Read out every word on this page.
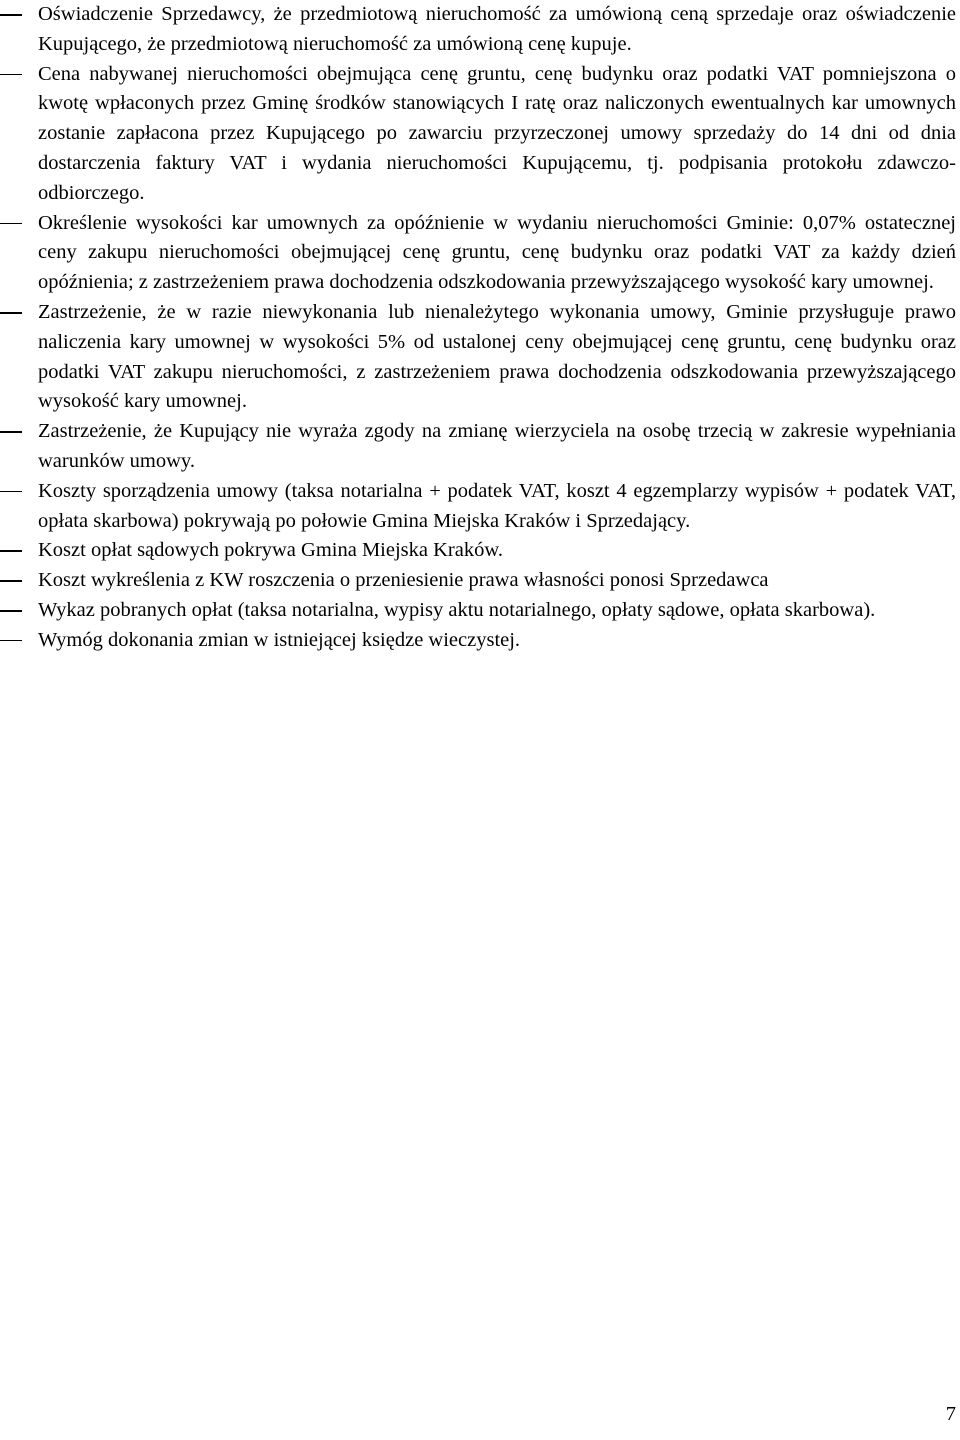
Oświadczenie Sprzedawcy, że przedmiotową nieruchomość za umówioną ceną sprzedaje oraz oświadczenie Kupującego, że przedmiotową nieruchomość za umówioną cenę kupuje.
Cena nabywanej nieruchomości obejmująca cenę gruntu, cenę budynku oraz podatki VAT pomniejszona o kwotę wpłaconych przez Gminę środków stanowiących I ratę oraz naliczonych ewentualnych kar umownych zostanie zapłacona przez Kupującego po zawarciu przyrzeczonej umowy sprzedaży do 14 dni od dnia dostarczenia faktury VAT i wydania nieruchomości Kupującemu, tj. podpisania protokołu zdawczo-odbiorczego.
Określenie wysokości kar umownych za opóźnienie w wydaniu nieruchomości Gminie: 0,07% ostatecznej ceny zakupu nieruchomości obejmującej cenę gruntu, cenę budynku oraz podatki VAT za każdy dzień opóźnienia; z zastrzeżeniem prawa dochodzenia odszkodowania przewyższającego wysokość kary umownej.
Zastrzeżenie, że w razie niewykonania lub nienależytego wykonania umowy, Gminie przysługuje prawo naliczenia kary umownej w wysokości 5% od ustalonej ceny obejmującej cenę gruntu, cenę budynku oraz podatki VAT zakupu nieruchomości, z zastrzeżeniem prawa dochodzenia odszkodowania przewyższającego wysokość kary umownej.
Zastrzeżenie, że Kupujący nie wyraża zgody na zmianę wierzyciela na osobę trzecią w zakresie wypełniania warunków umowy.
Koszty sporządzenia umowy (taksa notarialna + podatek VAT, koszt 4 egzemplarzy wypisów + podatek VAT, opłata skarbowa) pokrywają po połowie Gmina Miejska Kraków i Sprzedający.
Koszt opłat sądowych pokrywa Gmina Miejska Kraków.
Koszt wykreślenia z KW roszczenia o przeniesienie prawa własności ponosi Sprzedawca
Wykaz pobranych opłat (taksa notarialna, wypisy aktu notarialnego, opłaty sądowe, opłata skarbowa).
Wymóg dokonania zmian w istniejącej księdze wieczystej.
7
